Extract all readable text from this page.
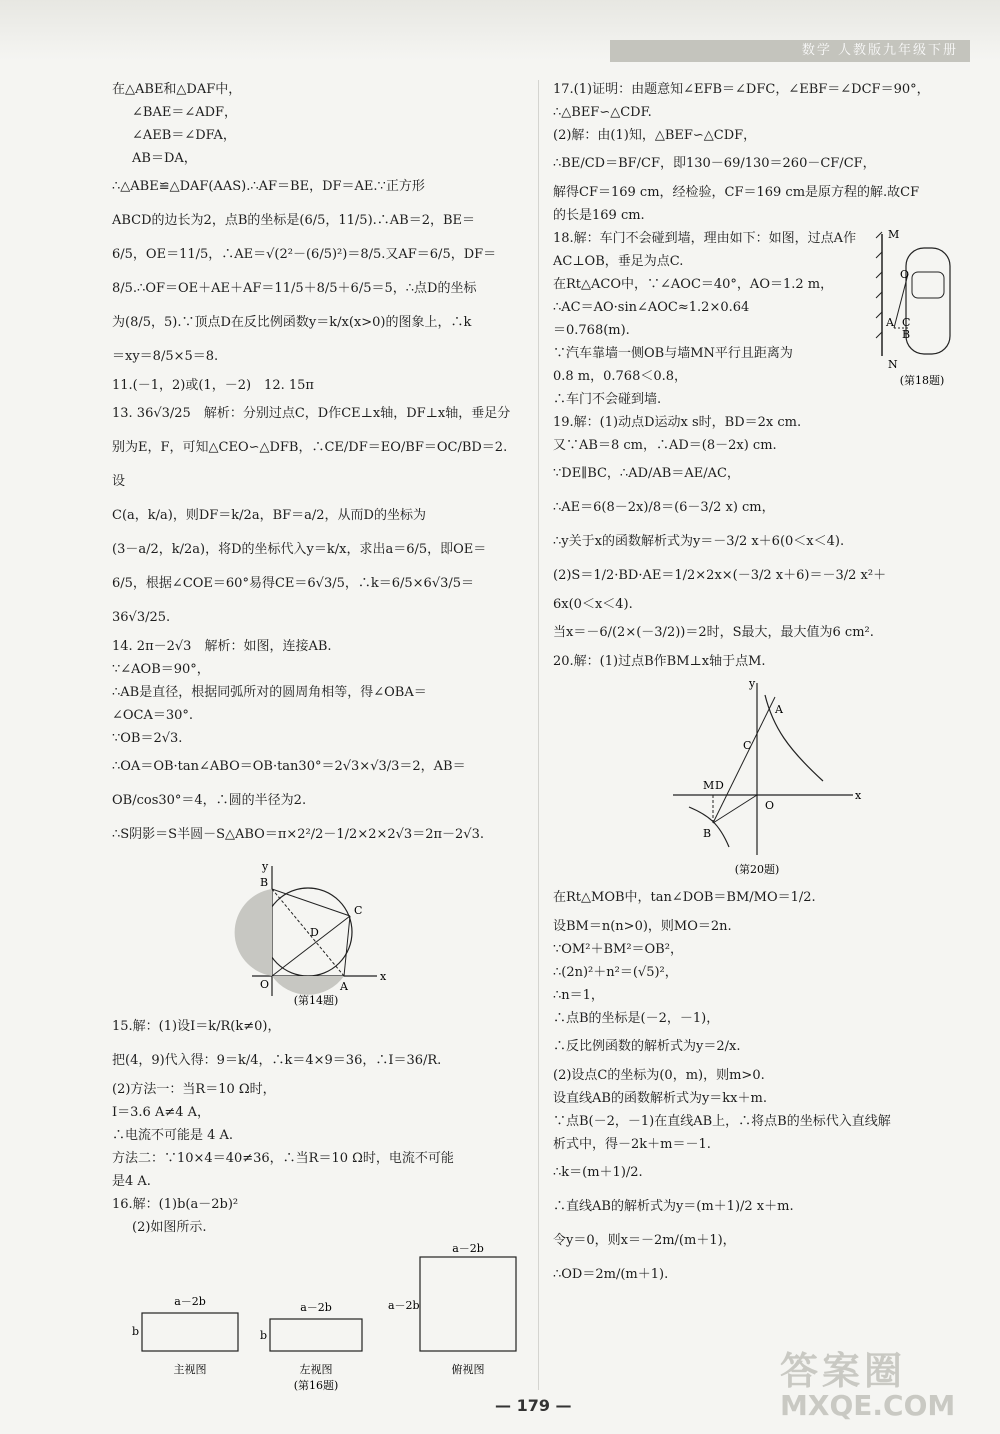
数学 人教版九年级下册

在△ABE和△DAF中，

∠BAE＝∠ADF，

∠AEB＝∠DFA，

AB＝DA，

∴△ABE≌△DAF(AAS).∴AF＝BE，DF＝AE.∵正方形

ABCD的边长为2，点B的坐标是(6/5，11/5).∴AB＝2，BE＝

6/5，OE＝11/5，∴AE＝√(2²－(6/5)²)＝8/5.又AF＝6/5，DF＝

8/5.∴OF＝OE＋AE＋AF＝11/5＋8/5＋6/5＝5，∴点D的坐标

为(8/5，5).∵顶点D在反比例函数y＝k/x(x>0)的图象上，∴k

＝xy＝8/5×5＝8.

11.(－1，2)或(1，－2)　12. 15π

13. 36√3/25　解析：分别过点C，D作CE⊥x轴，DF⊥x轴，垂足分

别为E，F，可知△CEO∽△DFB，∴CE/DF＝EO/BF＝OC/BD＝2.设

C(a，k/a)，则DF＝k/2a，BF＝a/2，从而D的坐标为

(3－a/2，k/2a)，将D的坐标代入y＝k/x，求出a＝6/5，即OE＝

6/5，根据∠COE＝60°易得CE＝6√3/5，∴k＝6/5×6√3/5＝36√3/25.

14. 2π－2√3　解析：如图，连接AB.

∵∠AOB＝90°，

∴AB是直径，根据同弧所对的圆周角相等，得∠OBA＝

∠OCA＝30°.

∵OB＝2√3.

∴OA＝OB·tan∠ABO＝OB·tan30°＝2√3×√3/3＝2，AB＝

OB/cos30°＝4，∴圆的半径为2.

∴S阴影＝S半圆－S△ABO＝π×2²/2－1/2×2×2√3＝2π－2√3.

y
x
B
C
D
O	A
(第14题)

15.解：(1)设I＝k/R(k≠0)，

把(4，9)代入得：9＝k/4，∴k＝4×9＝36，∴I＝36/R.

(2)方法一：当R＝10 Ω时，

I＝3.6 A≠4 A，

∴电流不可能是 4 A.

方法二：∵10×4＝40≠36，∴当R＝10 Ω时，电流不可能

是4 A.

16.解：(1)b(a－2b)²

(2)如图所示.

a－2b
b
主视图
a－2b
b
左视图
a－2b
a－2b
俯视图
(第16题)

17.(1)证明：由题意知∠EFB＝∠DFC，∠EBF＝∠DCF＝90°，

∴△BEF∽△CDF.

(2)解：由(1)知，△BEF∽△CDF，

∴BE/CD＝BF/CF，即130－69/130＝260－CF/CF，

解得CF＝169 cm，经检验，CF＝169 cm是原方程的解.故CF

的长是169 cm.

18.解：车门不会碰到墙，理由如下：如图，过点A作

AC⊥OB，垂足为点C.

在Rt△ACO中，∵∠AOC＝40°，AO＝1.2 m，

∴AC＝AO·sin∠AOC≈1.2×0.64

＝0.768(m).

∵汽车靠墙一侧OB与墙MN平行且距离为

0.8 m，0.768＜0.8，

∴车门不会碰到墙.

19.解：(1)动点D运动x s时，BD＝2x cm.

又∵AB＝8 cm，∴AD＝(8－2x) cm.

∵DE∥BC，∴AD/AB＝AE/AC，

∴AE＝6(8－2x)/8＝(6－3/2 x) cm，

∴y关于x的函数解析式为y＝－3/2 x＋6(0＜x＜4).

(2)S＝1/2·BD·AE＝1/2×2x×(－3/2 x＋6)＝－3/2 x²＋

6x(0＜x＜4).

当x＝－6/(2×(－3/2))＝2时，S最大，最大值为6 cm².

20.解：(1)过点B作BM⊥x轴于点M.

y
x
A
C
M D
O
B
(第20题)

在Rt△MOB中，tan∠DOB＝BM/MO＝1/2.

设BM＝n(n>0)，则MO＝2n.

∵OM²＋BM²＝OB²，

∴(2n)²＋n²＝(√5)²，

∴n＝1，

∴点B的坐标是(－2，－1)，

∴反比例函数的解析式为y＝2/x.

(2)设点C的坐标为(0，m)，则m>0.

设直线AB的函数解析式为y＝kx＋m.

∵点B(－2，－1)在直线AB上，∴将点B的坐标代入直线解

析式中，得－2k＋m＝－1.

∴k＝(m＋1)/2.

∴直线AB的解析式为y＝(m＋1)/2 x＋m.

令y＝0，则x＝－2m/(m＋1)，

∴OD＝2m/(m＋1).

M
N
O
A
B
C
(第18题)
— 179 —
答案圈
MXQE.COM
